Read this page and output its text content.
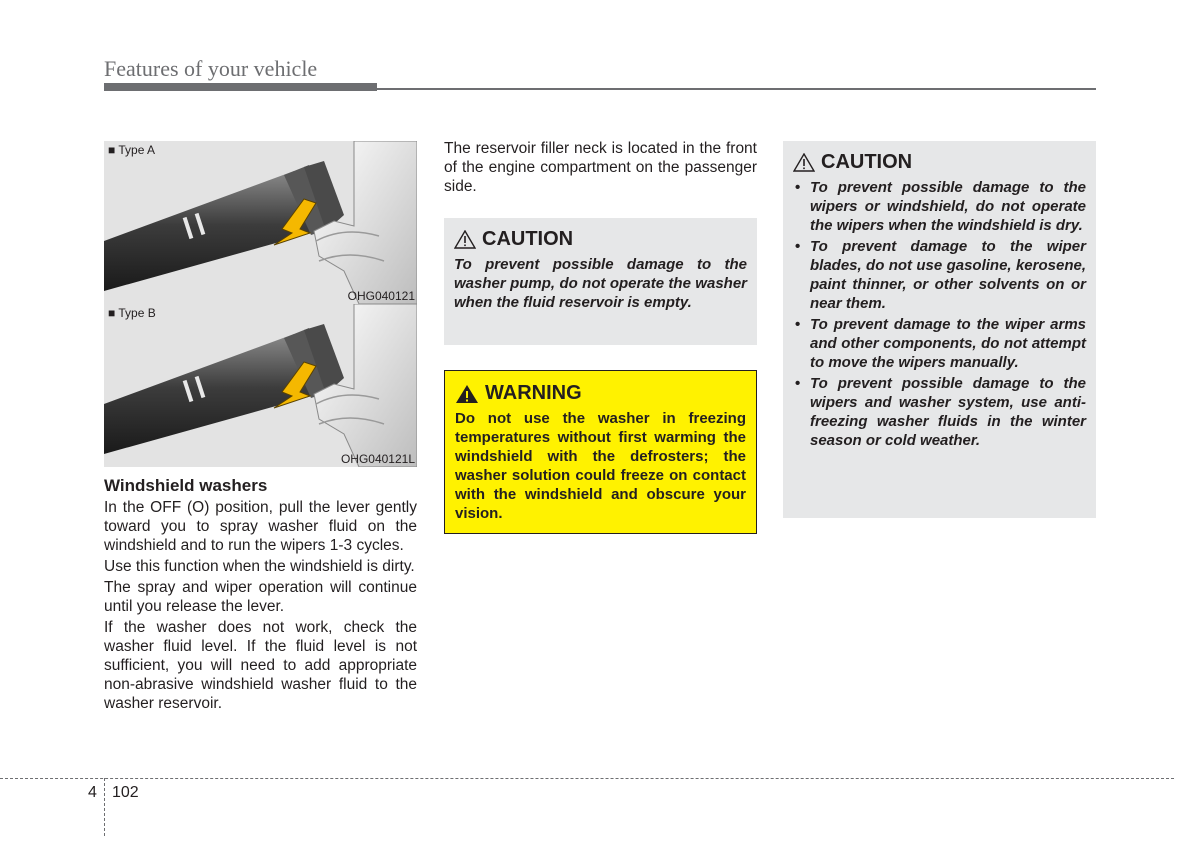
Features of your vehicle
■ Type A
OHG040121
■ Type B
OHG040121L
Windshield washers

In the OFF (O) position, pull the lever gently toward you to spray washer fluid on the windshield and to run the wipers 1-3 cycles.

Use this function when the windshield is dirty.

The spray and wiper operation will continue until you release the lever.

If the washer does not work, check the washer fluid level. If the fluid level is not sufficient, you will need to add appropriate non-abrasive windshield washer fluid to the washer reservoir.

The reservoir filler neck is located in the front of the engine compartment on the passenger side.

CAUTION

To prevent possible damage to the washer pump, do not operate the washer when the fluid reservoir is empty.

WARNING

Do not use the washer in freezing temperatures without first warming the windshield with the defrosters; the washer solution could freeze on contact with the windshield and obscure your vision.

CAUTION
• To prevent possible damage to the wipers or windshield, do not operate the wipers when the windshield is dry.
• To prevent damage to the wiper blades, do not use gasoline, kerosene, paint thinner, or other solvents on or near them.
• To prevent damage to the wiper arms and other components, do not attempt to move the wipers manually.
• To prevent possible damage to the wipers and washer system, use anti-freezing washer fluids in the winter season or cold weather.
4 102
